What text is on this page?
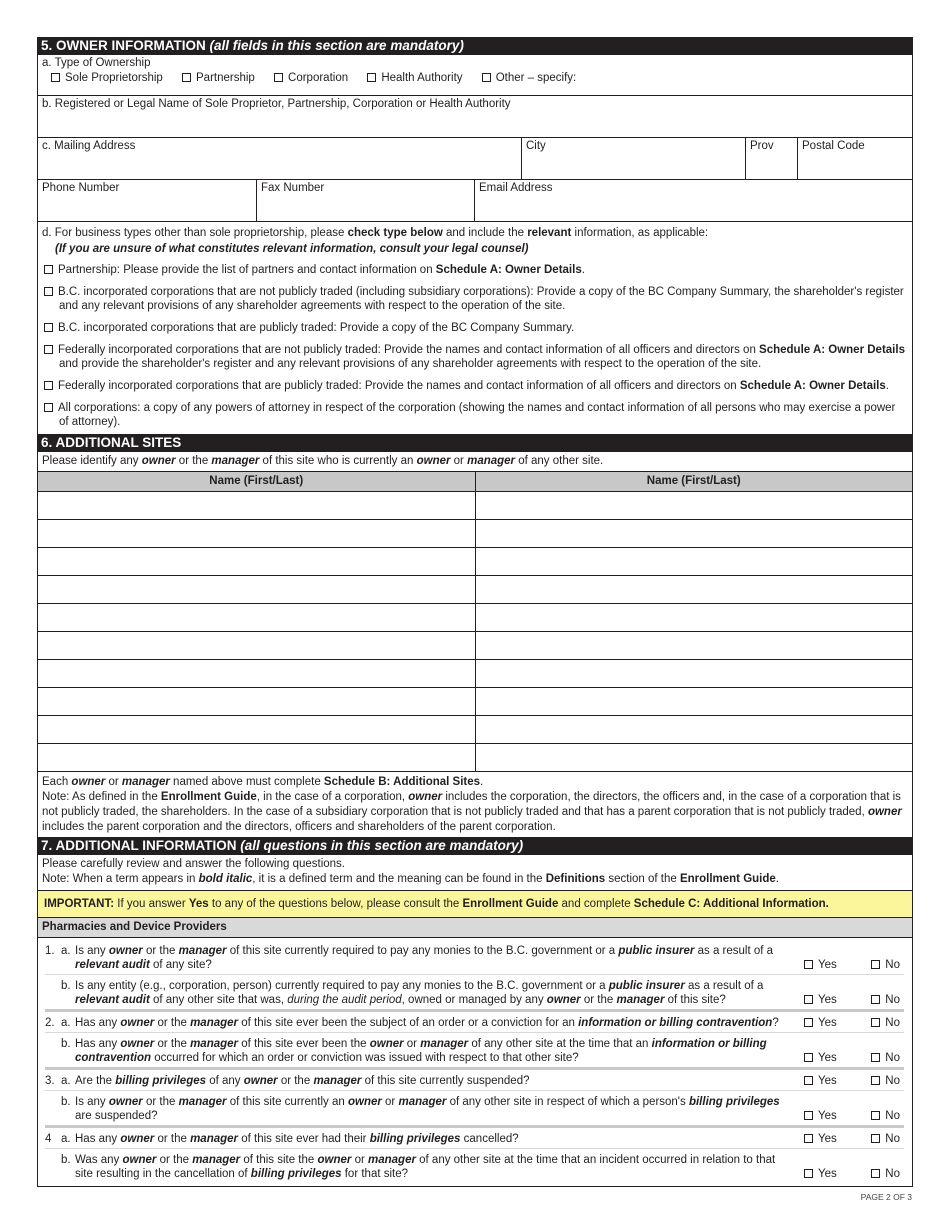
5. OWNER INFORMATION (all fields in this section are mandatory)
a. Type of Ownership
Sole Proprietorship	Partnership	Corporation	Health Authority	Other – specify:
b. Registered or Legal Name of Sole Proprietor, Partnership, Corporation or Health Authority
c. Mailing Address	City	Prov	Postal Code
Phone Number	Fax Number	Email Address
d. For business types other than sole proprietorship, please check type below and include the relevant information, as applicable:
(If you are unsure of what constitutes relevant information, consult your legal counsel)
Partnership: Please provide the list of partners and contact information on Schedule A: Owner Details.
B.C. incorporated corporations that are not publicly traded (including subsidiary corporations): Provide a copy of the BC Company Summary, the shareholder's register and any relevant provisions of any shareholder agreements with respect to the operation of the site.
B.C. incorporated corporations that are publicly traded: Provide a copy of the BC Company Summary.
Federally incorporated corporations that are not publicly traded: Provide the names and contact information of all officers and directors on Schedule A: Owner Details and provide the shareholder's register and any relevant provisions of any shareholder agreements with respect to the operation of the site.
Federally incorporated corporations that are publicly traded: Provide the names and contact information of all officers and directors on Schedule A: Owner Details.
All corporations: a copy of any powers of attorney in respect of the corporation (showing the names and contact information of all persons who may exercise a power of attorney).
6. ADDITIONAL SITES
Please identify any owner or the manager of this site who is currently an owner or manager of any other site.
Name (First/Last)	Name (First/Last)
Each owner or manager named above must complete Schedule B: Additional Sites.
Note: As defined in the Enrollment Guide, in the case of a corporation, owner includes the corporation, the directors, the officers and, in the case of a corporation that is not publicly traded, the shareholders. In the case of a subsidiary corporation that is not publicly traded and that has a parent corporation that is not publicly traded, owner includes the parent corporation and the directors, officers and shareholders of the parent corporation.
7. ADDITIONAL INFORMATION (all questions in this section are mandatory)
Please carefully review and answer the following questions.
Note: When a term appears in bold italic, it is a defined term and the meaning can be found in the Definitions section of the Enrollment Guide.
IMPORTANT: If you answer Yes to any of the questions below, please consult the Enrollment Guide and complete Schedule C: Additional Information.
Pharmacies and Device Providers
1. a. Is any owner or the manager of this site currently required to pay any monies to the B.C. government or a public insurer as a result of a relevant audit of any site?	Yes	No
b. Is any entity (e.g., corporation, person) currently required to pay any monies to the B.C. government or a public insurer as a result of a relevant audit of any other site that was, during the audit period, owned or managed by any owner or the manager of this site?	Yes	No
2. a. Has any owner or the manager of this site ever been the subject of an order or a conviction for an information or billing contravention?	Yes	No
b. Has any owner or the manager of this site ever been the owner or manager of any other site at the time that an information or billing contravention occurred for which an order or conviction was issued with respect to that other site?	Yes	No
3. a. Are the billing privileges of any owner or the manager of this site currently suspended?	Yes	No
b. Is any owner or the manager of this site currently an owner or manager of any other site in respect of which a person's billing privileges are suspended?	Yes	No
4 a. Has any owner or the manager of this site ever had their billing privileges cancelled?	Yes	No
b. Was any owner or the manager of this site the owner or manager of any other site at the time that an incident occurred in relation to that site resulting in the cancellation of billing privileges for that site?	Yes	No
PAGE 2 OF 3
